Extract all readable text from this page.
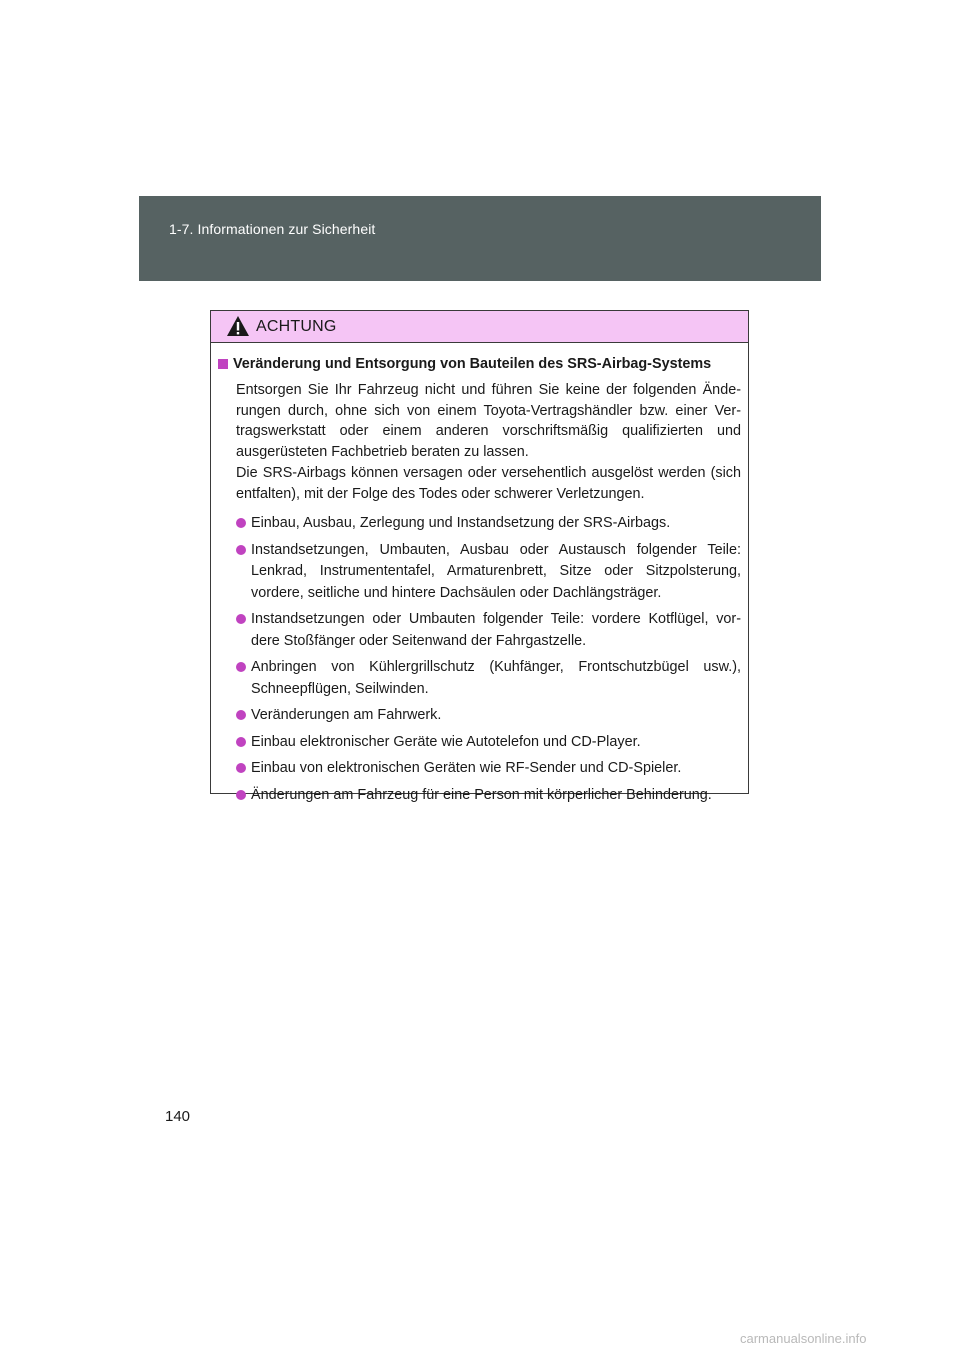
1-7. Informationen zur Sicherheit
ACHTUNG
Veränderung und Entsorgung von Bauteilen des SRS-Airbag-Systems

Entsorgen Sie Ihr Fahrzeug nicht und führen Sie keine der folgenden Ände-rungen durch, ohne sich von einem Toyota-Vertragshändler bzw. einer Ver-tragswerkstatt oder einem anderen vorschriftsmäßig qualifizierten und ausgerüsteten Fachbetrieb beraten zu lassen.

Die SRS-Airbags können versagen oder versehentlich ausgelöst werden (sich entfalten), mit der Folge des Todes oder schwerer Verletzungen.

Einbau, Ausbau, Zerlegung und Instandsetzung der SRS-Airbags.
Instandsetzungen, Umbauten, Ausbau oder Austausch folgender Teile: Lenkrad, Instrumententafel, Armaturenbrett, Sitze oder Sitzpolsterung, vordere, seitliche und hintere Dachsäulen oder Dachlängsträger.
Instandsetzungen oder Umbauten folgender Teile: vordere Kotflügel, vor-dere Stoßfänger oder Seitenwand der Fahrgastzelle.
Anbringen von Kühlergrillschutz (Kuhfänger, Frontschutzbügel usw.), Schneepflügen, Seilwinden.
Veränderungen am Fahrwerk.
Einbau elektronischer Geräte wie Autotelefon und CD-Player.
Einbau von elektronischen Geräten wie RF-Sender und CD-Spieler.
Änderungen am Fahrzeug für eine Person mit körperlicher Behinderung.
140
carmanualsonline.info
